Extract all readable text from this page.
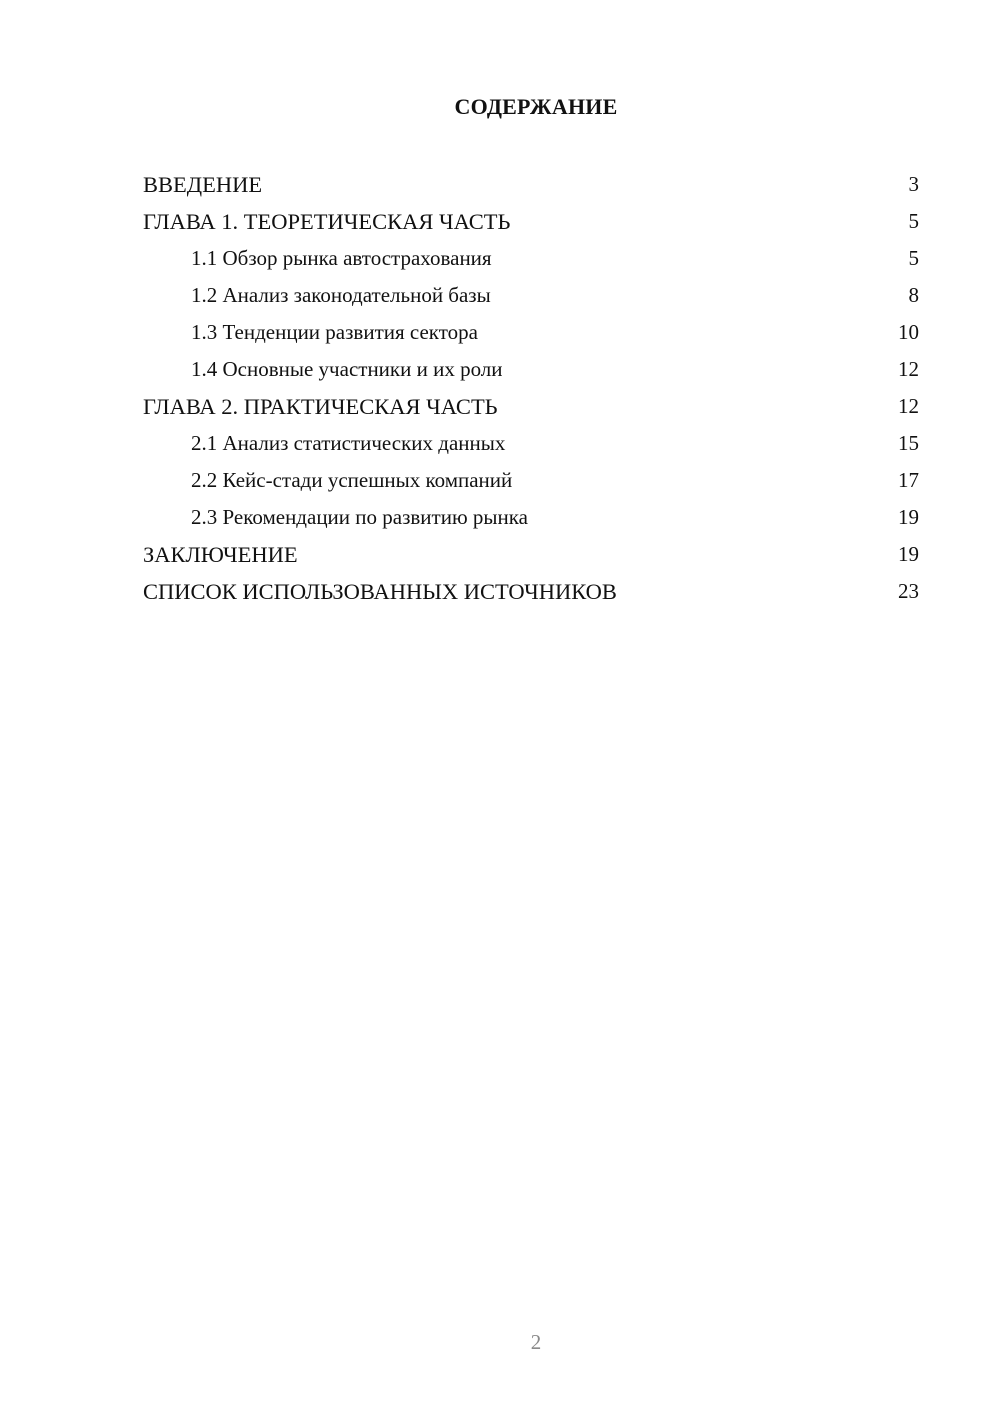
СОДЕРЖАНИЕ
ВВЕДЕНИЕ	3
ГЛАВА 1. ТЕОРЕТИЧЕСКАЯ ЧАСТЬ	5
1.1 Обзор рынка автострахования	5
1.2 Анализ законодательной базы	8
1.3 Тенденции развития сектора	10
1.4 Основные участники и их роли	12
ГЛАВА 2. ПРАКТИЧЕСКАЯ ЧАСТЬ	12
2.1 Анализ статистических данных	15
2.2 Кейс-стади успешных компаний	17
2.3 Рекомендации по развитию рынка	19
ЗАКЛЮЧЕНИЕ	19
СПИСОК ИСПОЛЬЗОВАННЫХ ИСТОЧНИКОВ	23
2
